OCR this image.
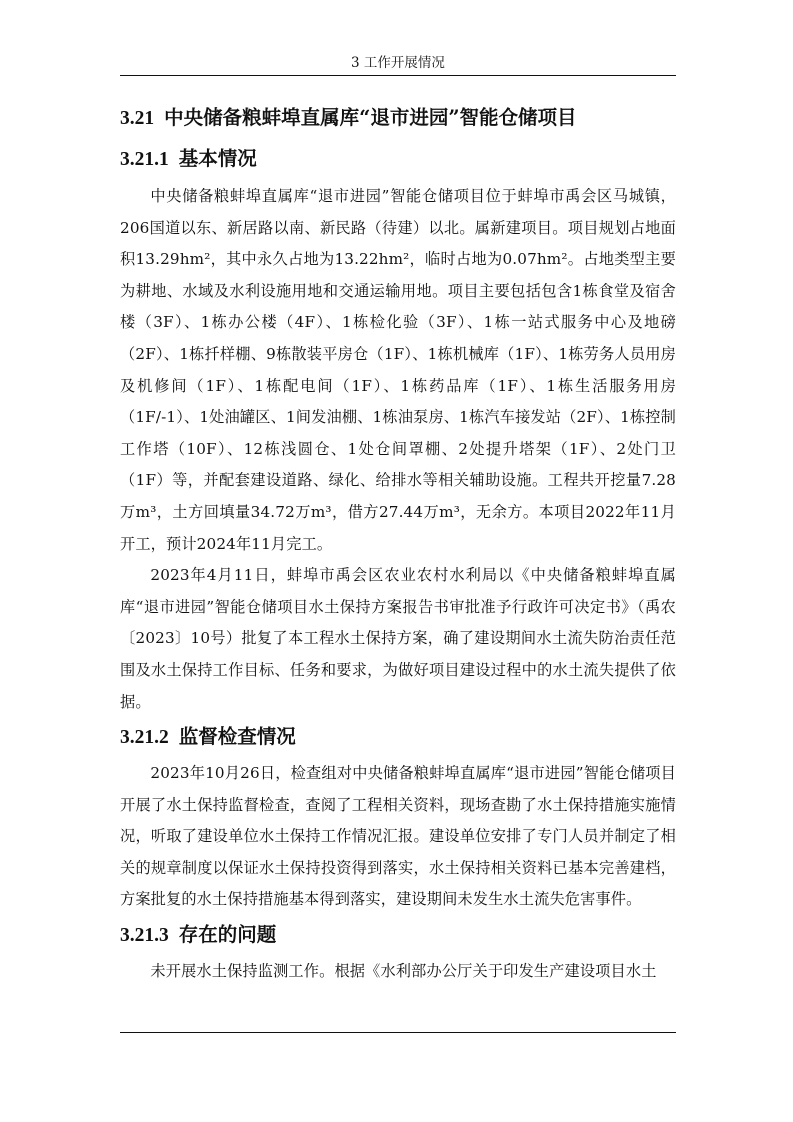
3 工作开展情况
3.21 中央储备粮蚌埠直属库“退市进园”智能仓储项目
3.21.1 基本情况

中央储备粮蚌埠直属库“退市进园”智能仓储项目位于蚌埠市禹会区马城镇，206国道以东、新居路以南、新民路（待建）以北。属新建项目。项目规划占地面积13.29hm²，其中永久占地为13.22hm²，临时占地为0.07hm²。占地类型主要为耕地、水域及水利设施用地和交通运输用地。项目主要包括包含1栋食堂及宿舍楼（3F）、1栋办公楼（4F）、1栋检化验（3F）、1栋一站式服务中心及地磅（2F）、1栋扦样棚、9栋散装平房仓（1F）、1栋机械库（1F）、1栋劳务人员用房及机修间（1F）、1栋配电间（1F）、1栋药品库（1F）、1栋生活服务用房（1F/-1）、1处油罐区、1间发油棚、1栋油泵房、1栋汽车接发站（2F）、1栋控制工作塔（10F）、12栋浅圆仓、1处仓间罩棚、2处提升塔架（1F）、2处门卫（1F）等，并配套建设道路、绿化、给排水等相关辅助设施。工程共开挖量7.28万m³，土方回填量34.72万m³，借方27.44万m³，无余方。本项目2022年11月开工，预计2024年11月完工。

2023年4月11日，蚌埠市禹会区农业农村水利局以《中央储备粮蚌埠直属库“退市进园”智能仓储项目水土保持方案报告书审批准予行政许可决定书》（禹农〔2023〕10号）批复了本工程水土保持方案，确了建设期间水土流失防治责任范围及水土保持工作目标、任务和要求，为做好项目建设过程中的水土流失提供了依据。

3.21.2 监督检查情况

2023年10月26日，检查组对中央储备粮蚌埠直属库“退市进园”智能仓储项目开展了水土保持监督检查，查阅了工程相关资料，现场查勘了水土保持措施实施情况，听取了建设单位水土保持工作情况汇报。建设单位安排了专门人员并制定了相关的规章制度以保证水土保持投资得到落实，水土保持相关资料已基本完善建档，方案批复的水土保持措施基本得到落实，建设期间未发生水土流失危害事件。

3.21.3 存在的问题

未开展水土保持监测工作。根据《水利部办公厅关于印发生产建设项目水土
